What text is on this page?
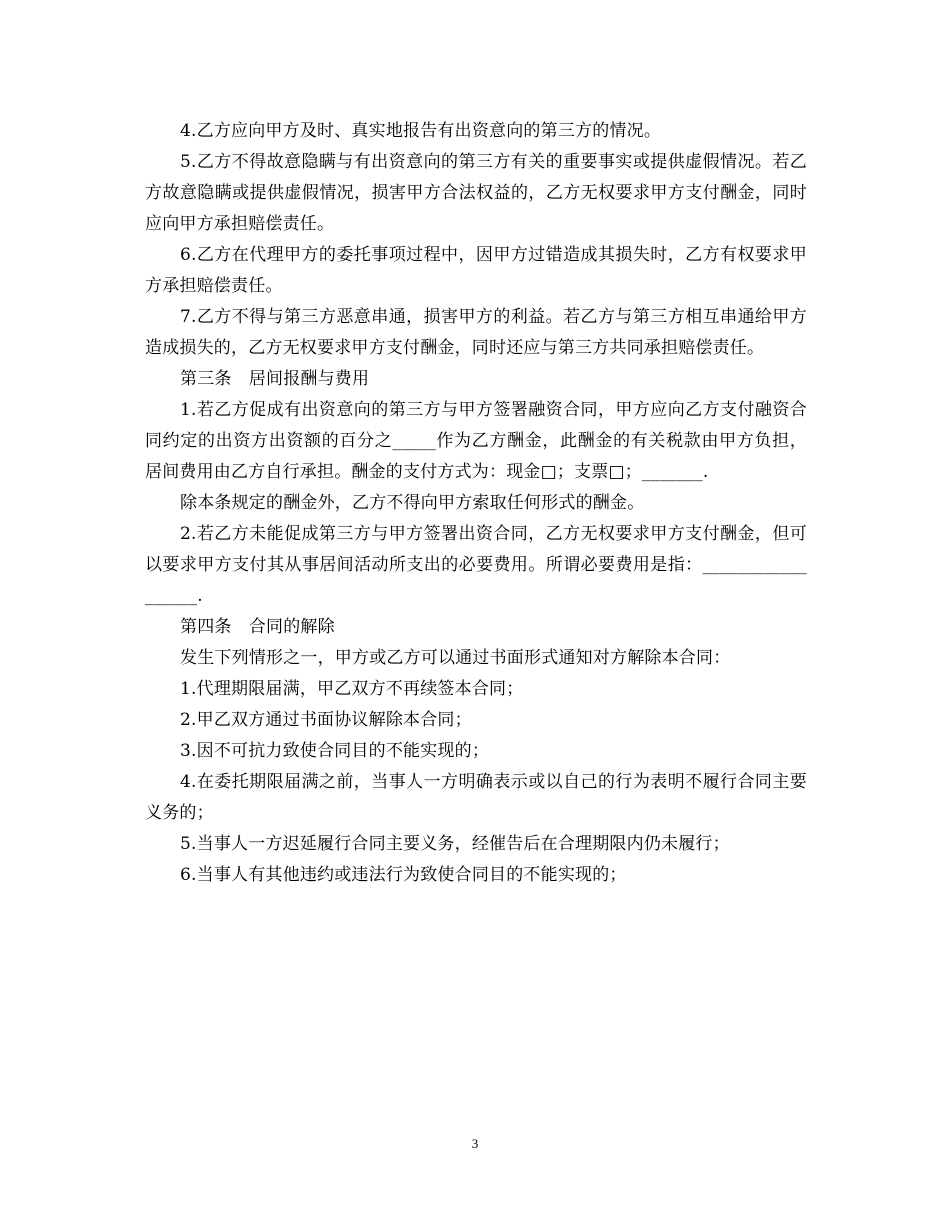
4.乙方应向甲方及时、真实地报告有出资意向的第三方的情况。

5.乙方不得故意隐瞒与有出资意向的第三方有关的重要事实或提供虚假情况。若乙方故意隐瞒或提供虚假情况，损害甲方合法权益的，乙方无权要求甲方支付酬金，同时应向甲方承担赔偿责任。

6.乙方在代理甲方的委托事项过程中，因甲方过错造成其损失时，乙方有权要求甲方承担赔偿责任。

7.乙方不得与第三方恶意串通，损害甲方的利益。若乙方与第三方相互串通给甲方造成损失的，乙方无权要求甲方支付酬金，同时还应与第三方共同承担赔偿责任。

第三条　居间报酬与费用

1.若乙方促成有出资意向的第三方与甲方签署融资合同，甲方应向乙方支付融资合同约定的出资方出资额的百分之_____作为乙方酬金，此酬金的有关税款由甲方负担，居间费用由乙方自行承担。酬金的支付方式为：现金□；支票□；_______.

除本条规定的酬金外，乙方不得向甲方索取任何形式的酬金。

2.若乙方未能促成第三方与甲方签署出资合同，乙方无权要求甲方支付酬金，但可以要求甲方支付其从事居间活动所支出的必要费用。所谓必要费用是指：__________________.

第四条　合同的解除

发生下列情形之一，甲方或乙方可以通过书面形式通知对方解除本合同：

1.代理期限届满，甲乙双方不再续签本合同；

2.甲乙双方通过书面协议解除本合同；

3.因不可抗力致使合同目的不能实现的；

4.在委托期限届满之前，当事人一方明确表示或以自己的行为表明不履行合同主要义务的；

5.当事人一方迟延履行合同主要义务，经催告后在合理期限内仍未履行；

6.当事人有其他违约或违法行为致使合同目的不能实现的；

3
